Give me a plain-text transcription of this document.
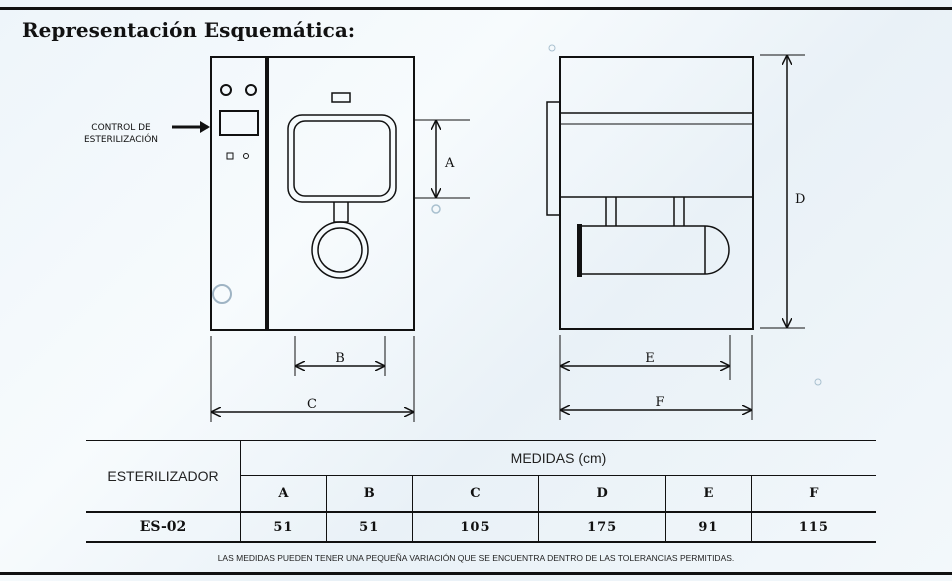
Representación Esquemática:
CONTROL DE
ESTERILIZACIÓN
A
B
C
D
E
F
ESTERILIZADOR	MEDIDAS (cm)					
	A	B	C	D	E	F
ES-02	51	51	105	175	91	115
LAS MEDIDAS PUEDEN TENER UNA PEQUEÑA VARIACIÓN QUE SE ENCUENTRA DENTRO DE LAS TOLERANCIAS PERMITIDAS.
